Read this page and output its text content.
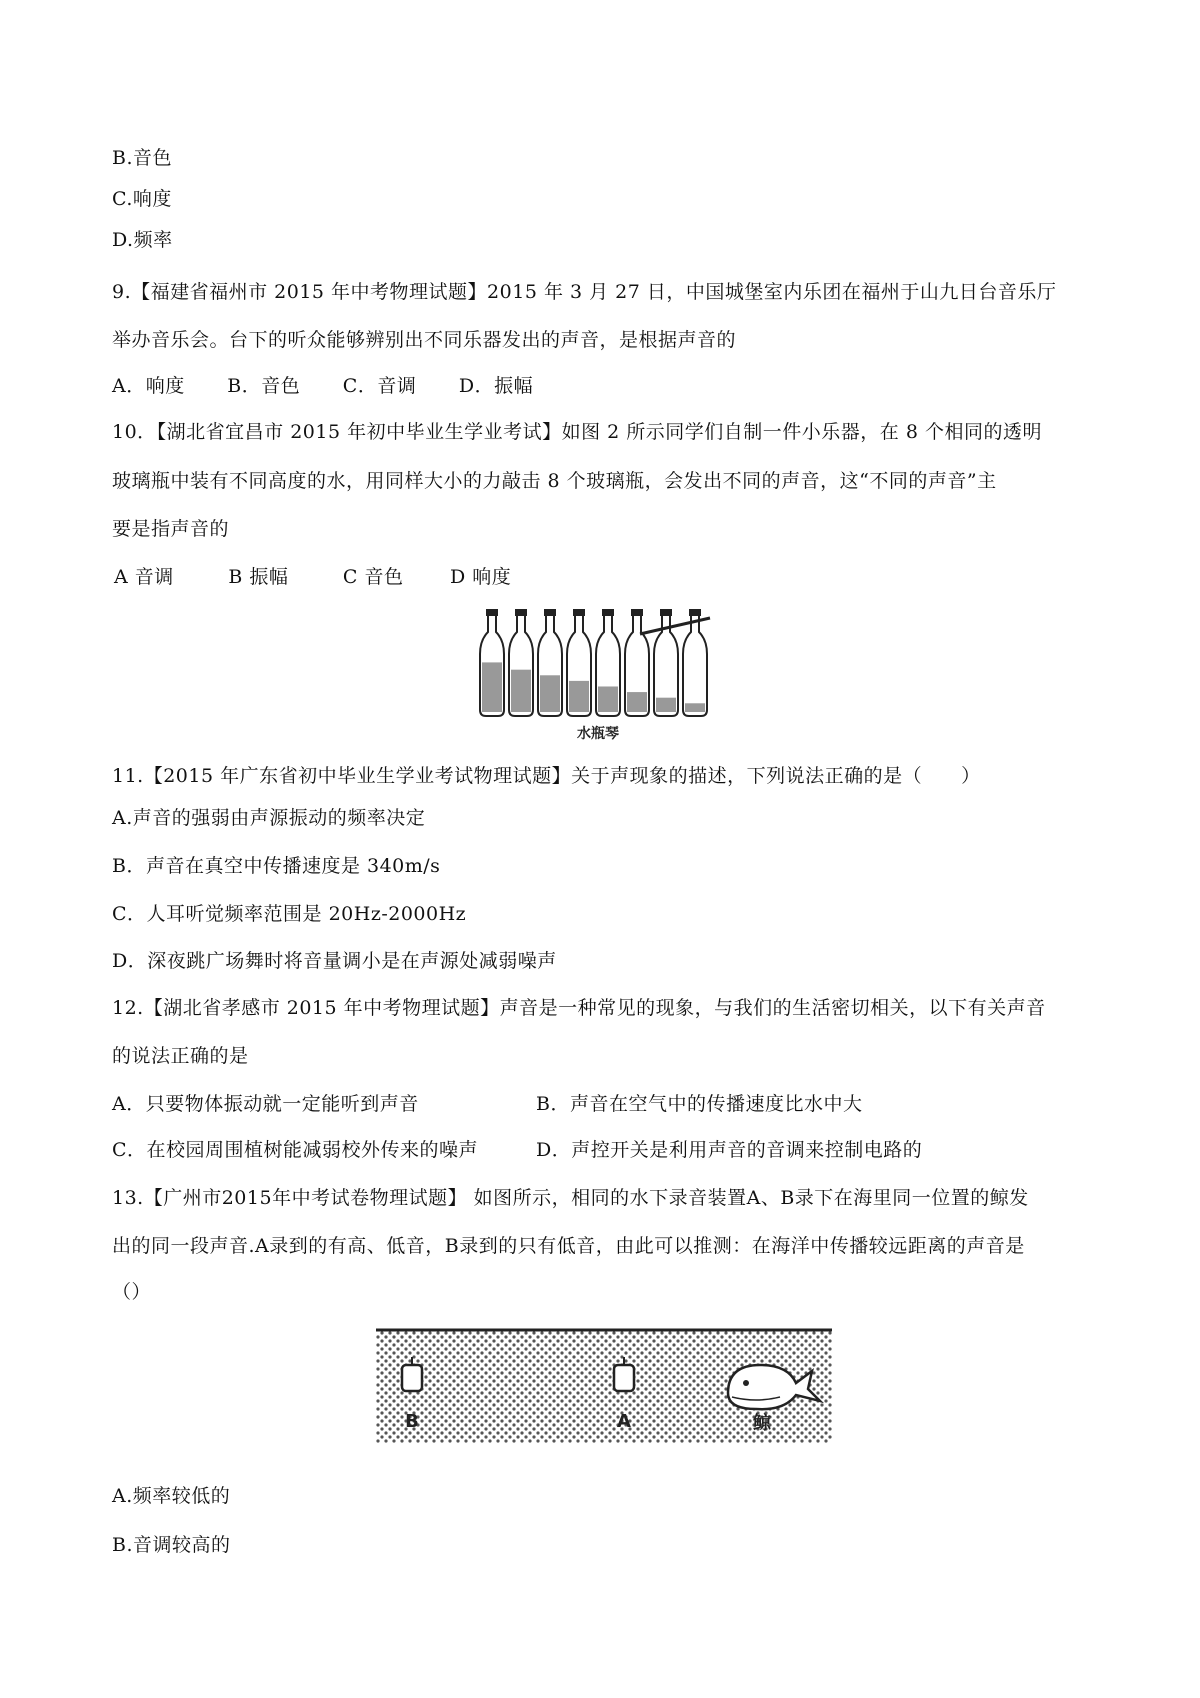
B.音色
C.响度
D.频率
9.【福建省福州市 2015 年中考物理试题】2015 年 3 月 27 日，中国城堡室内乐团在福州于山九日台音乐厅
举办音乐会。台下的听众能够辨别出不同乐器发出的声音，是根据声音的
A．响度 B．音色 C．音调 D．振幅
10．【湖北省宜昌市 2015 年初中毕业生学业考试】如图 2 所示同学们自制一件小乐器，在 8 个相同的透明
玻璃瓶中装有不同高度的水，用同样大小的力敲击 8 个玻璃瓶，会发出不同的声音，这“不同的声音”主
要是指声音的
A 音调	B 振幅	C 音色 D 响度
水瓶琴
11.【2015 年广东省初中毕业生学业考试物理试题】关于声现象的描述，下列说法正确的是（　　）
A.声音的强弱由声源振动的频率决定
B．声音在真空中传播速度是 340m/s
C．人耳听觉频率范围是 20Hz-2000Hz
D．深夜跳广场舞时将音量调小是在声源处减弱噪声
12.【湖北省孝感市 2015 年中考物理试题】声音是一种常见的现象，与我们的生活密切相关，以下有关声音
的说法正确的是
A．只要物体振动就一定能听到声音	B．声音在空气中的传播速度比水中大
C．在校园周围植树能减弱校外传来的噪声	D．声控开关是利用声音的音调来控制电路的
13.【广州市2015年中考试卷物理试题】 如图所示，相同的水下录音装置A、B录下在海里同一位置的鲸发
出的同一段声音.A录到的有高、低音，B录到的只有低音，由此可以推测：在海洋中传播较远距离的声音是
（）
B	A	鲸
A.频率较低的
B.音调较高的
